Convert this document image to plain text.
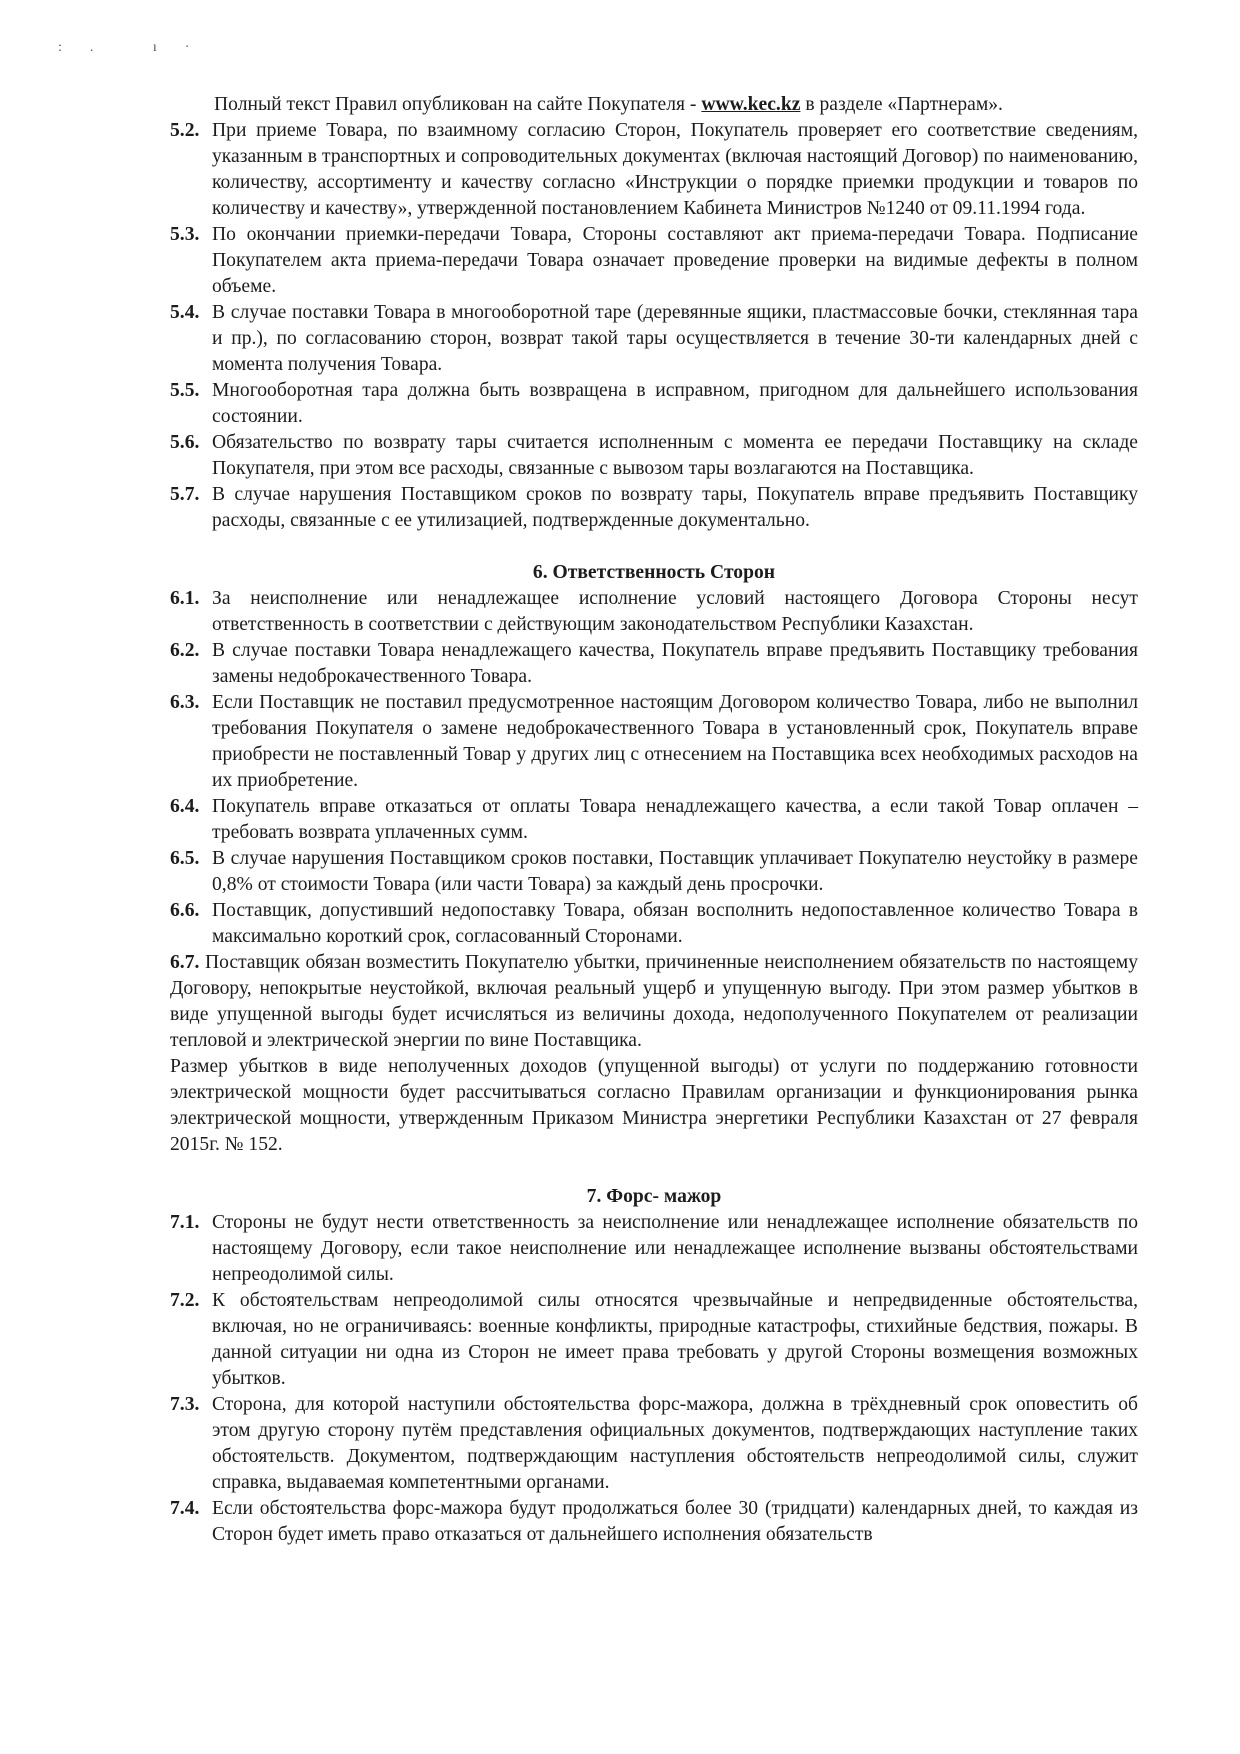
:. ı·

Полный текст Правил опубликован на сайте Покупателя - www.kec.kz в разделе «Партнерам».

5.2. При приеме Товара, по взаимному согласию Сторон, Покупатель проверяет его соответствие сведениям, указанным в транспортных и сопроводительных документах (включая настоящий Договор) по наименованию, количеству, ассортименту и качеству согласно «Инструкции о порядке приемки продукции и товаров по количеству и качеству», утвержденной постановлением Кабинета Министров №1240 от 09.11.1994 года.
5.3. По окончании приемки-передачи Товара, Стороны составляют акт приема-передачи Товара. Подписание Покупателем акта приема-передачи Товара означает проведение проверки на видимые дефекты в полном объеме.
5.4. В случае поставки Товара в многооборотной таре (деревянные ящики, пластмассовые бочки, стеклянная тара и пр.), по согласованию сторон, возврат такой тары осуществляется в течение 30-ти календарных дней с момента получения Товара.
5.5. Многооборотная тара должна быть возвращена в исправном, пригодном для дальнейшего использования состоянии.
5.6. Обязательство по возврату тары считается исполненным с момента ее передачи Поставщику на складе Покупателя, при этом все расходы, связанные с вывозом тары возлагаются на Поставщика.
5.7. В случае нарушения Поставщиком сроков по возврату тары, Покупатель вправе предъявить Поставщику расходы, связанные с ее утилизацией, подтвержденные документально.

6. Ответственность Сторон

6.1. За неисполнение или ненадлежащее исполнение условий настоящего Договора Стороны несут ответственность в соответствии с действующим законодательством Республики Казахстан.
6.2. В случае поставки Товара ненадлежащего качества, Покупатель вправе предъявить Поставщику требования замены недоброкачественного Товара.
6.3. Если Поставщик не поставил предусмотренное настоящим Договором количество Товара, либо не выполнил требования Покупателя о замене недоброкачественного Товара в установленный срок, Покупатель вправе приобрести не поставленный Товар у других лиц с отнесением на Поставщика всех необходимых расходов на их приобретение.
6.4. Покупатель вправе отказаться от оплаты Товара ненадлежащего качества, а если такой Товар оплачен – требовать возврата уплаченных сумм.
6.5. В случае нарушения Поставщиком сроков поставки, Поставщик уплачивает Покупателю неустойку в размере 0,8% от стоимости Товара (или части Товара) за каждый день просрочки.
6.6. Поставщик, допустивший недопоставку Товара, обязан восполнить недопоставленное количество Товара в максимально короткий срок, согласованный Сторонами.

6.7. Поставщик обязан возместить Покупателю убытки, причиненные неисполнением обязательств по настоящему Договору, непокрытые неустойкой, включая реальный ущерб и упущенную выгоду. При этом размер убытков в виде упущенной выгоды будет исчисляться из величины дохода, недополученного Покупателем от реализации тепловой и электрической энергии по вине Поставщика.

Размер убытков в виде неполученных доходов (упущенной выгоды) от услуги по поддержанию готовности электрической мощности будет рассчитываться согласно Правилам организации и функционирования рынка электрической мощности, утвержденным Приказом Министра энергетики Республики Казахстан от 27 февраля 2015г. № 152.

7. Форс- мажор

7.1. Стороны не будут нести ответственность за неисполнение или ненадлежащее исполнение обязательств по настоящему Договору, если такое неисполнение или ненадлежащее исполнение вызваны обстоятельствами непреодолимой силы.
7.2. К обстоятельствам непреодолимой силы относятся чрезвычайные и непредвиденные обстоятельства, включая, но не ограничиваясь: военные конфликты, природные катастрофы, стихийные бедствия, пожары. В данной ситуации ни одна из Сторон не имеет права требовать у другой Стороны возмещения возможных убытков.
7.3. Сторона, для которой наступили обстоятельства форс-мажора, должна в трёхдневный срок оповестить об этом другую сторону путём представления официальных документов, подтверждающих наступление таких обстоятельств. Документом, подтверждающим наступления обстоятельств непреодолимой силы, служит справка, выдаваемая компетентными органами.
7.4. Если обстоятельства форс-мажора будут продолжаться более 30 (тридцати) календарных дней, то каждая из Сторон будет иметь право отказаться от дальнейшего исполнения обязательств
